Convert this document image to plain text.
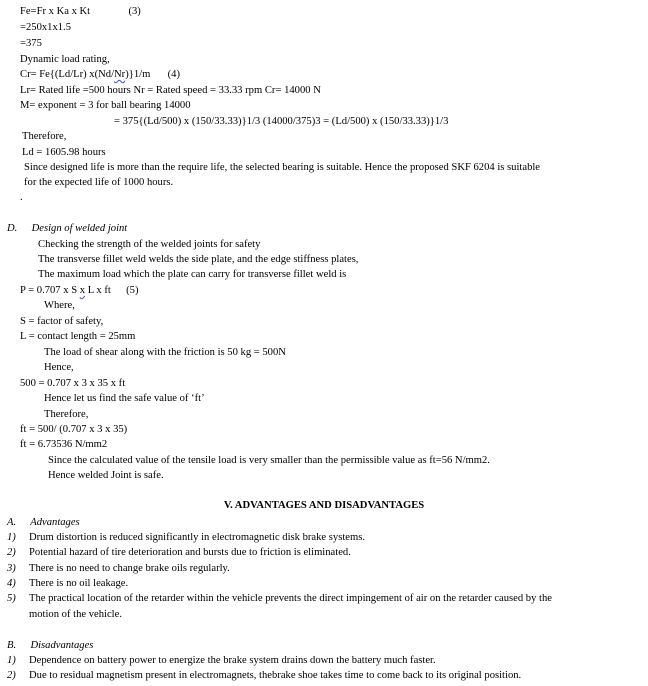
Fe=Fr x Ka x Kt	(3)
=250x1x1.5
=375
Dynamic load rating,
Cr= Fe{(Ld/Lr) x(Nd/Nr)}1/m (4)
Lr= Rated life =500 hours Nr = Rated speed = 33.33 rpm Cr= 14000 N
M= exponent = 3 for ball bearing 14000
= 375{(Ld/500) x (150/33.33)}1/3 (14000/375)3 = (Ld/500) x (150/33.33)}1/3
Therefore,
Ld = 1605.98 hours
Since designed life is more than the require life, the selected bearing is suitable. Hence the proposed SKF 6204 is suitable
for the expected life of 1000 hours.
.
D. Design of welded joint
Checking the strength of the welded joints for safety
The transverse fillet weld welds the side plate, and the edge stiffness plates,
The maximum load which the plate can carry for transverse fillet weld is
P = 0.707 x S x L x ft (5)
Where,
S = factor of safety,
L = contact length = 25mm
The load of shear along with the friction is 50 kg = 500N
Hence,
500 = 0.707 x 3 x 35 x ft
Hence let us find the safe value of ‘ft’
Therefore,
ft = 500/ (0.707 x 3 x 35)
ft = 6.73536 N/mm2
Since the calculated value of the tensile load is very smaller than the permissible value as ft=56 N/mm2.
Hence welded Joint is safe.
V. ADVANTAGES AND DISADVANTAGES
A. Advantages
1) Drum distortion is reduced significantly in electromagnetic disk brake systems.
2) Potential hazard of tire deterioration and bursts due to friction is eliminated.
3) There is no need to change brake oils regularly.
4) There is no oil leakage.
5) The practical location of the retarder within the vehicle prevents the direct impingement of air on the retarder caused by the
motion of the vehicle.
B. Disadvantages
1) Dependence on battery power to energize the brake system drains down the battery much faster.
2) Due to residual magnetism present in electromagnets, thebrake shoe takes time to come back to its original position.
